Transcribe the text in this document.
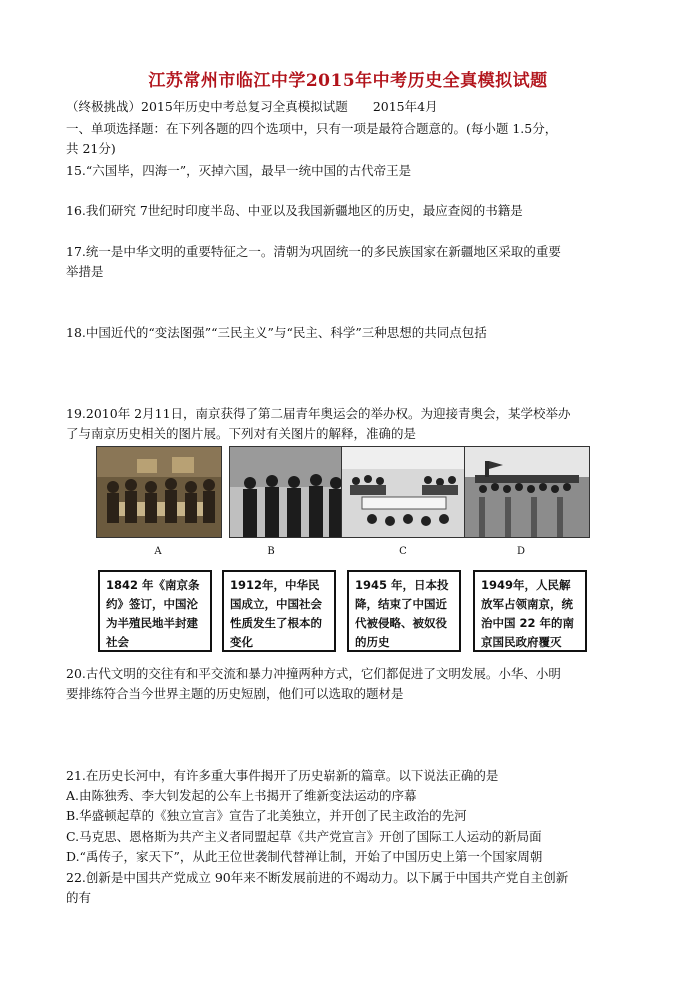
江苏常州市临江中学2015年中考历史全真模拟试题
（终极挑战）2015年历史中考总复习全真模拟试题　　2015年4月
一、单项选择题：在下列各题的四个选项中，只有一项是最符合题意的。(每小题 1.5分，
共 21分)
15.“六国毕，四海一”，灭掉六国，最早一统中国的古代帝王是
16.我们研究 7世纪时印度半岛、中亚以及我国新疆地区的历史，最应查阅的书籍是
17.统一是中华文明的重要特征之一。清朝为巩固统一的多民族国家在新疆地区采取的重要
举措是
18.中国近代的“变法图强”“三民主义”与“民主、科学”三种思想的共同点包括
19.2010年 2月11日，南京获得了第二届青年奥运会的举办权。为迎接青奥会，某学校举办
了与南京历史相关的图片展。下列对有关图片的解释，准确的是
A	B	C	D
1842 年《南京条约》签订，中国沦为半殖民地半封建社会
1912年，中华民国成立，中国社会性质发生了根本的变化
1945 年，日本投降，结束了中国近代被侵略、被奴役的历史
1949年，人民解放军占领南京，统治中国 22 年的南京国民政府覆灭
20.古代文明的交往有和平交流和暴力冲撞两种方式，它们都促进了文明发展。小华、小明
要排练符合当今世界主题的历史短剧，他们可以选取的题材是
21.在历史长河中，有许多重大事件揭开了历史崭新的篇章。以下说法正确的是
A.由陈独秀、李大钊发起的公车上书揭开了维新变法运动的序幕
B.华盛顿起草的《独立宣言》宣告了北美独立，并开创了民主政治的先河
C.马克思、恩格斯为共产主义者同盟起草《共产党宣言》开创了国际工人运动的新局面
D.“禹传子，家天下”，从此王位世袭制代替禅让制，开始了中国历史上第一个国家周朝
22.创新是中国共产党成立 90年来不断发展前进的不竭动力。以下属于中国共产党自主创新
的有
